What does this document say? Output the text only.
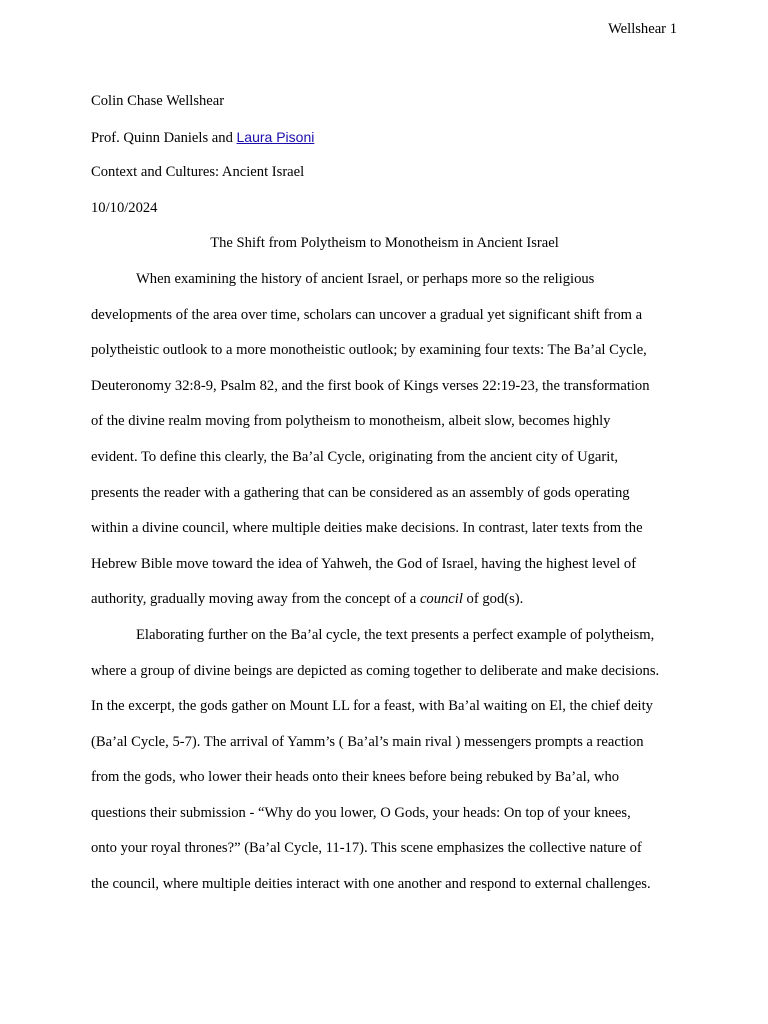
Wellshear 1
Colin Chase Wellshear
Prof. Quinn Daniels and Laura Pisoni
Context and Cultures: Ancient Israel
10/10/2024
The Shift from Polytheism to Monotheism in Ancient Israel
When examining the history of ancient Israel, or perhaps more so the religious
developments of the area over time, scholars can uncover a gradual yet significant shift from a
polytheistic outlook to a more monotheistic outlook; by examining four texts: The Ba’al Cycle,
Deuteronomy 32:8-9, Psalm 82, and the first book of Kings verses 22:19-23, the transformation
of the divine realm moving from polytheism to monotheism, albeit slow, becomes highly
evident. To define this clearly, the Ba’al Cycle, originating from the ancient city of Ugarit,
presents the reader with a gathering that can be considered as an assembly of gods operating
within a divine council, where multiple deities make decisions. In contrast, later texts from the
Hebrew Bible move toward the idea of Yahweh, the God of Israel, having the highest level of
authority, gradually moving away from the concept of a council of god(s).
Elaborating further on the Ba’al cycle, the text presents a perfect example of polytheism,
where a group of divine beings are depicted as coming together to deliberate and make decisions.
In the excerpt, the gods gather on Mount LL for a feast, with Ba’al waiting on El, the chief deity
(Ba’al Cycle, 5-7). The arrival of Yamm’s ( Ba’al’s main rival ) messengers prompts a reaction
from the gods, who lower their heads onto their knees before being rebuked by Ba’al, who
questions their submission - “Why do you lower, O Gods, your heads: On top of your knees,
onto your royal thrones?” (Ba’al Cycle, 11-17). This scene emphasizes the collective nature of
the council, where multiple deities interact with one another and respond to external challenges.
